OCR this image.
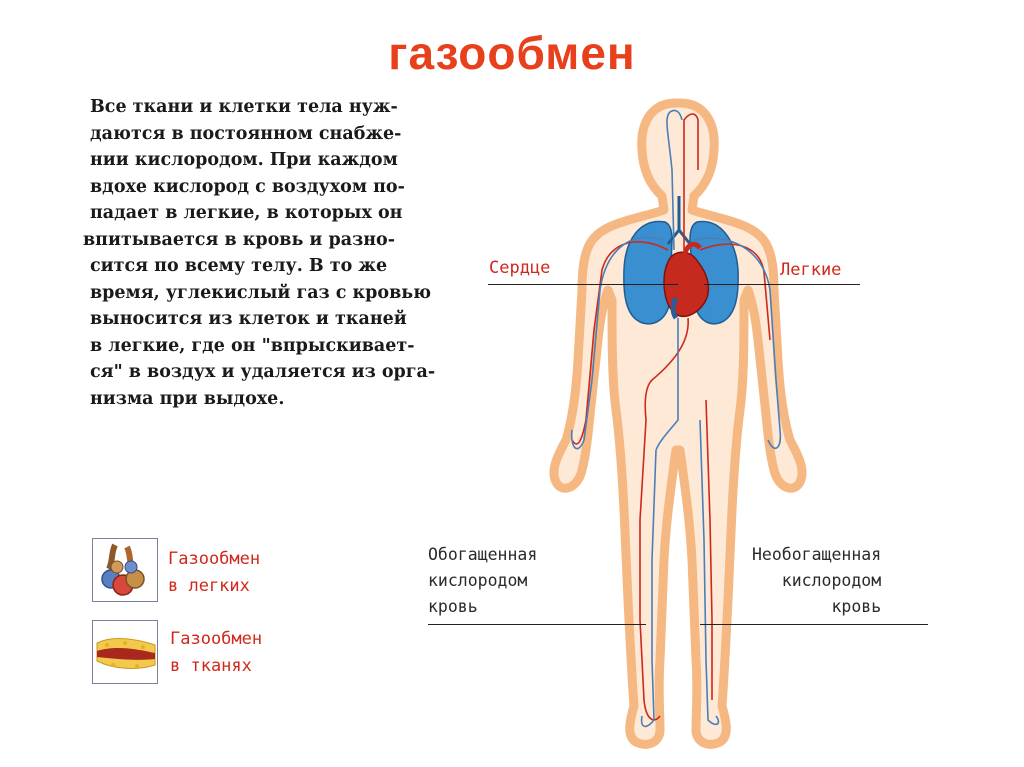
газообмен
Все ткани и клетки тела нуж-
даются в постоянном снабже-
нии кислородом. При каждом
вдохе кислород с воздухом по-
падает в легкие, в которых он
впитывается в кровь и разно-
сится по всему телу. В то же
время, углекислый газ с кровью
выносится из клеток и тканей
в легкие, где он "впрыскивает-
ся" в воздух и удаляется из орга-
низма при выдохе.
Сердце	Легкие
Обогащенная
кислородом
кровь
Необогащенная
кислородом
кровь
Газообмен
в легких
Газообмен
в тканях
